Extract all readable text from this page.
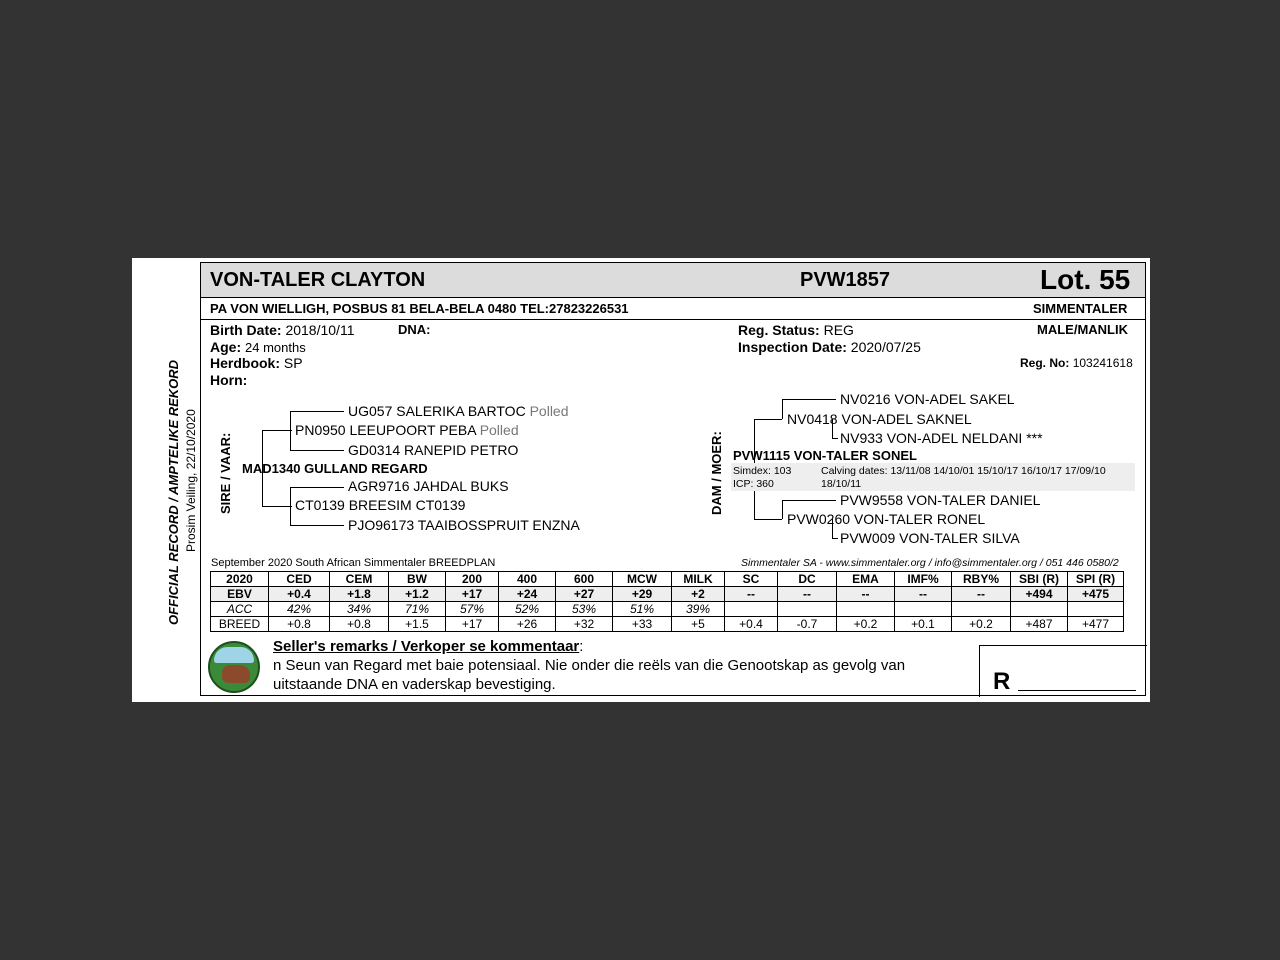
OFFICIAL RECORD / AMPTELIKE REKORD Prosim Veiling, 22/10/2020
VON-TALER CLAYTON	PVW1857	Lot. 55
PA VON WIELLIGH, POSBUS 81 BELA-BELA 0480 TEL:27823226531	SIMMENTALER
Birth Date: 2018/10/11	DNA:
Age: 24 months
Herdbook: SP
Horn:
Reg. Status: REG
Inspection Date: 2020/07/25
MALE/MANLIK
Reg. No: 103241618
SIRE / VAAR:
UG057 SALERIKA BARTOC Polled
PN0950 LEEUPOORT PEBA Polled
GD0314 RANEPID PETRO
MAD1340 GULLAND REGARD
AGR9716 JAHDAL BUKS
CT0139 BREESIM CT0139
PJO96173 TAAIBOSSPRUIT ENZNA
DAM / MOER:
NV0216 VON-ADEL SAKEL
NV0418 VON-ADEL SAKNEL
NV933 VON-ADEL NELDANI ***
PVW1115 VON-TALER SONEL
Simdex: 103
ICP: 360
Calving dates: 13/11/08 14/10/01 15/10/17 16/10/17 17/09/10
18/10/11
PVW9558 VON-TALER DANIEL
PVW0260 VON-TALER RONEL
PVW009 VON-TALER SILVA
September 2020 South African Simmentaler BREEDPLAN	Simmentaler SA - www.simmentaler.org / info@simmentaler.org / 051 446 0580/2
2020	CED	CEM	BW	200	400	600	MCW	MILK	SC	DC	EMA	IMF%	RBY%	SBI (R)	SPI (R)
EBV	+0.4	+1.8	+1.2	+17	+24	+27	+29	+2	--	--	--	--	--	+494	+475
ACC	42%	34%	71%	57%	52%	53%	51%	39%							
BREED	+0.8	+0.8	+1.5	+17	+26	+32	+33	+5	+0.4	-0.7	+0.2	+0.1	+0.2	+487	+477
Seller's remarks / Verkoper se kommentaar:
n Seun van Regard met baie potensiaal. Nie onder die reëls van die Genootskap as gevolg van uitstaande DNA en vaderskap bevestiging.	R
